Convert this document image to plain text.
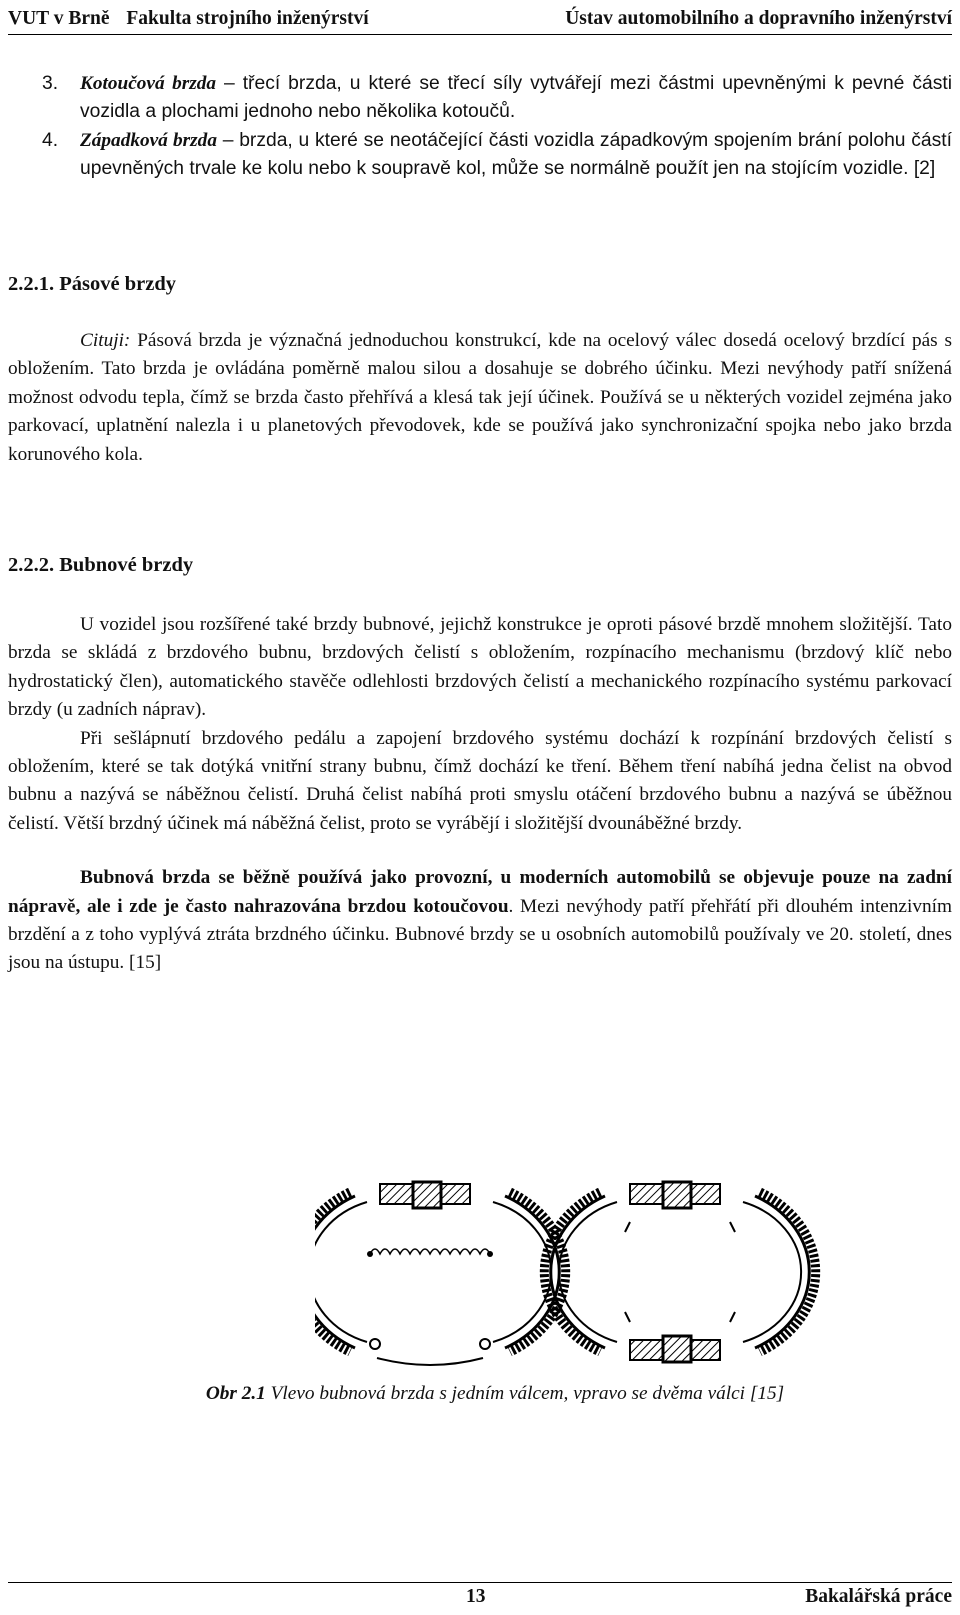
VUT v Brně Fakulta strojního inženýrství	Ústav automobilního a dopravního inženýrství
3. Kotoučová brzda – třecí brzda, u které se třecí síly vytvářejí mezi částmi upevněnými k pevné části vozidla a plochami jednoho nebo několika kotoučů.
4. Západková brzda – brzda, u které se neotáčející části vozidla západkovým spojením brání polohu částí upevněných trvale ke kolu nebo k soupravě kol, může se normálně použít jen na stojícím vozidle. [2]
2.2.1. Pásové brzdy
Cituji: Pásová brzda je význačná jednoduchou konstrukcí, kde na ocelový válec dosedá ocelový brzdící pás s obložením. Tato brzda je ovládána poměrně malou silou a dosahuje se dobrého účinku. Mezi nevýhody patří snížená možnost odvodu tepla, čímž se brzda často přehřívá a klesá tak její účinek. Používá se u některých vozidel zejména jako parkovací, uplatnění nalezla i u planetových převodovek, kde se používá jako synchronizační spojka nebo jako brzda korunového kola.
2.2.2. Bubnové brzdy

U vozidel jsou rozšířené také brzdy bubnové, jejichž konstrukce je oproti pásové brzdě mnohem složitější. Tato brzda se skládá z brzdového bubnu, brzdových čelistí s obložením, rozpínacího mechanismu (brzdový klíč nebo hydrostatický člen), automatického stavěče odlehlosti brzdových čelistí a mechanického rozpínacího systému parkovací brzdy (u zadních náprav).

Při sešlápnutí brzdového pedálu a zapojení brzdového systému dochází k rozpínání brzdových čelistí s obložením, které se tak dotýká vnitřní strany bubnu, čímž dochází ke tření. Během tření nabíhá jedna čelist na obvod bubnu a nazývá se náběžnou čelistí. Druhá čelist nabíhá proti smyslu otáčení brzdového bubnu a nazývá se úběžnou čelistí. Větší brzdný účinek má náběžná čelist, proto se vyrábějí i složitější dvounáběžné brzdy.

Bubnová brzda se běžně používá jako provozní, u moderních automobilů se objevuje pouze na zadní nápravě, ale i zde je často nahrazována brzdou kotoučovou. Mezi nevýhody patří přehřátí při dlouhém intenzivním brzdění a z toho vyplývá ztráta brzdného účinku. Bubnové brzdy se u osobních automobilů používaly ve 20. století, dnes jsou na ústupu. [15]

Obr 2.1 Vlevo bubnová brzda s jedním válcem, vpravo se dvěma válci [15]
13	Bakalářská práce
